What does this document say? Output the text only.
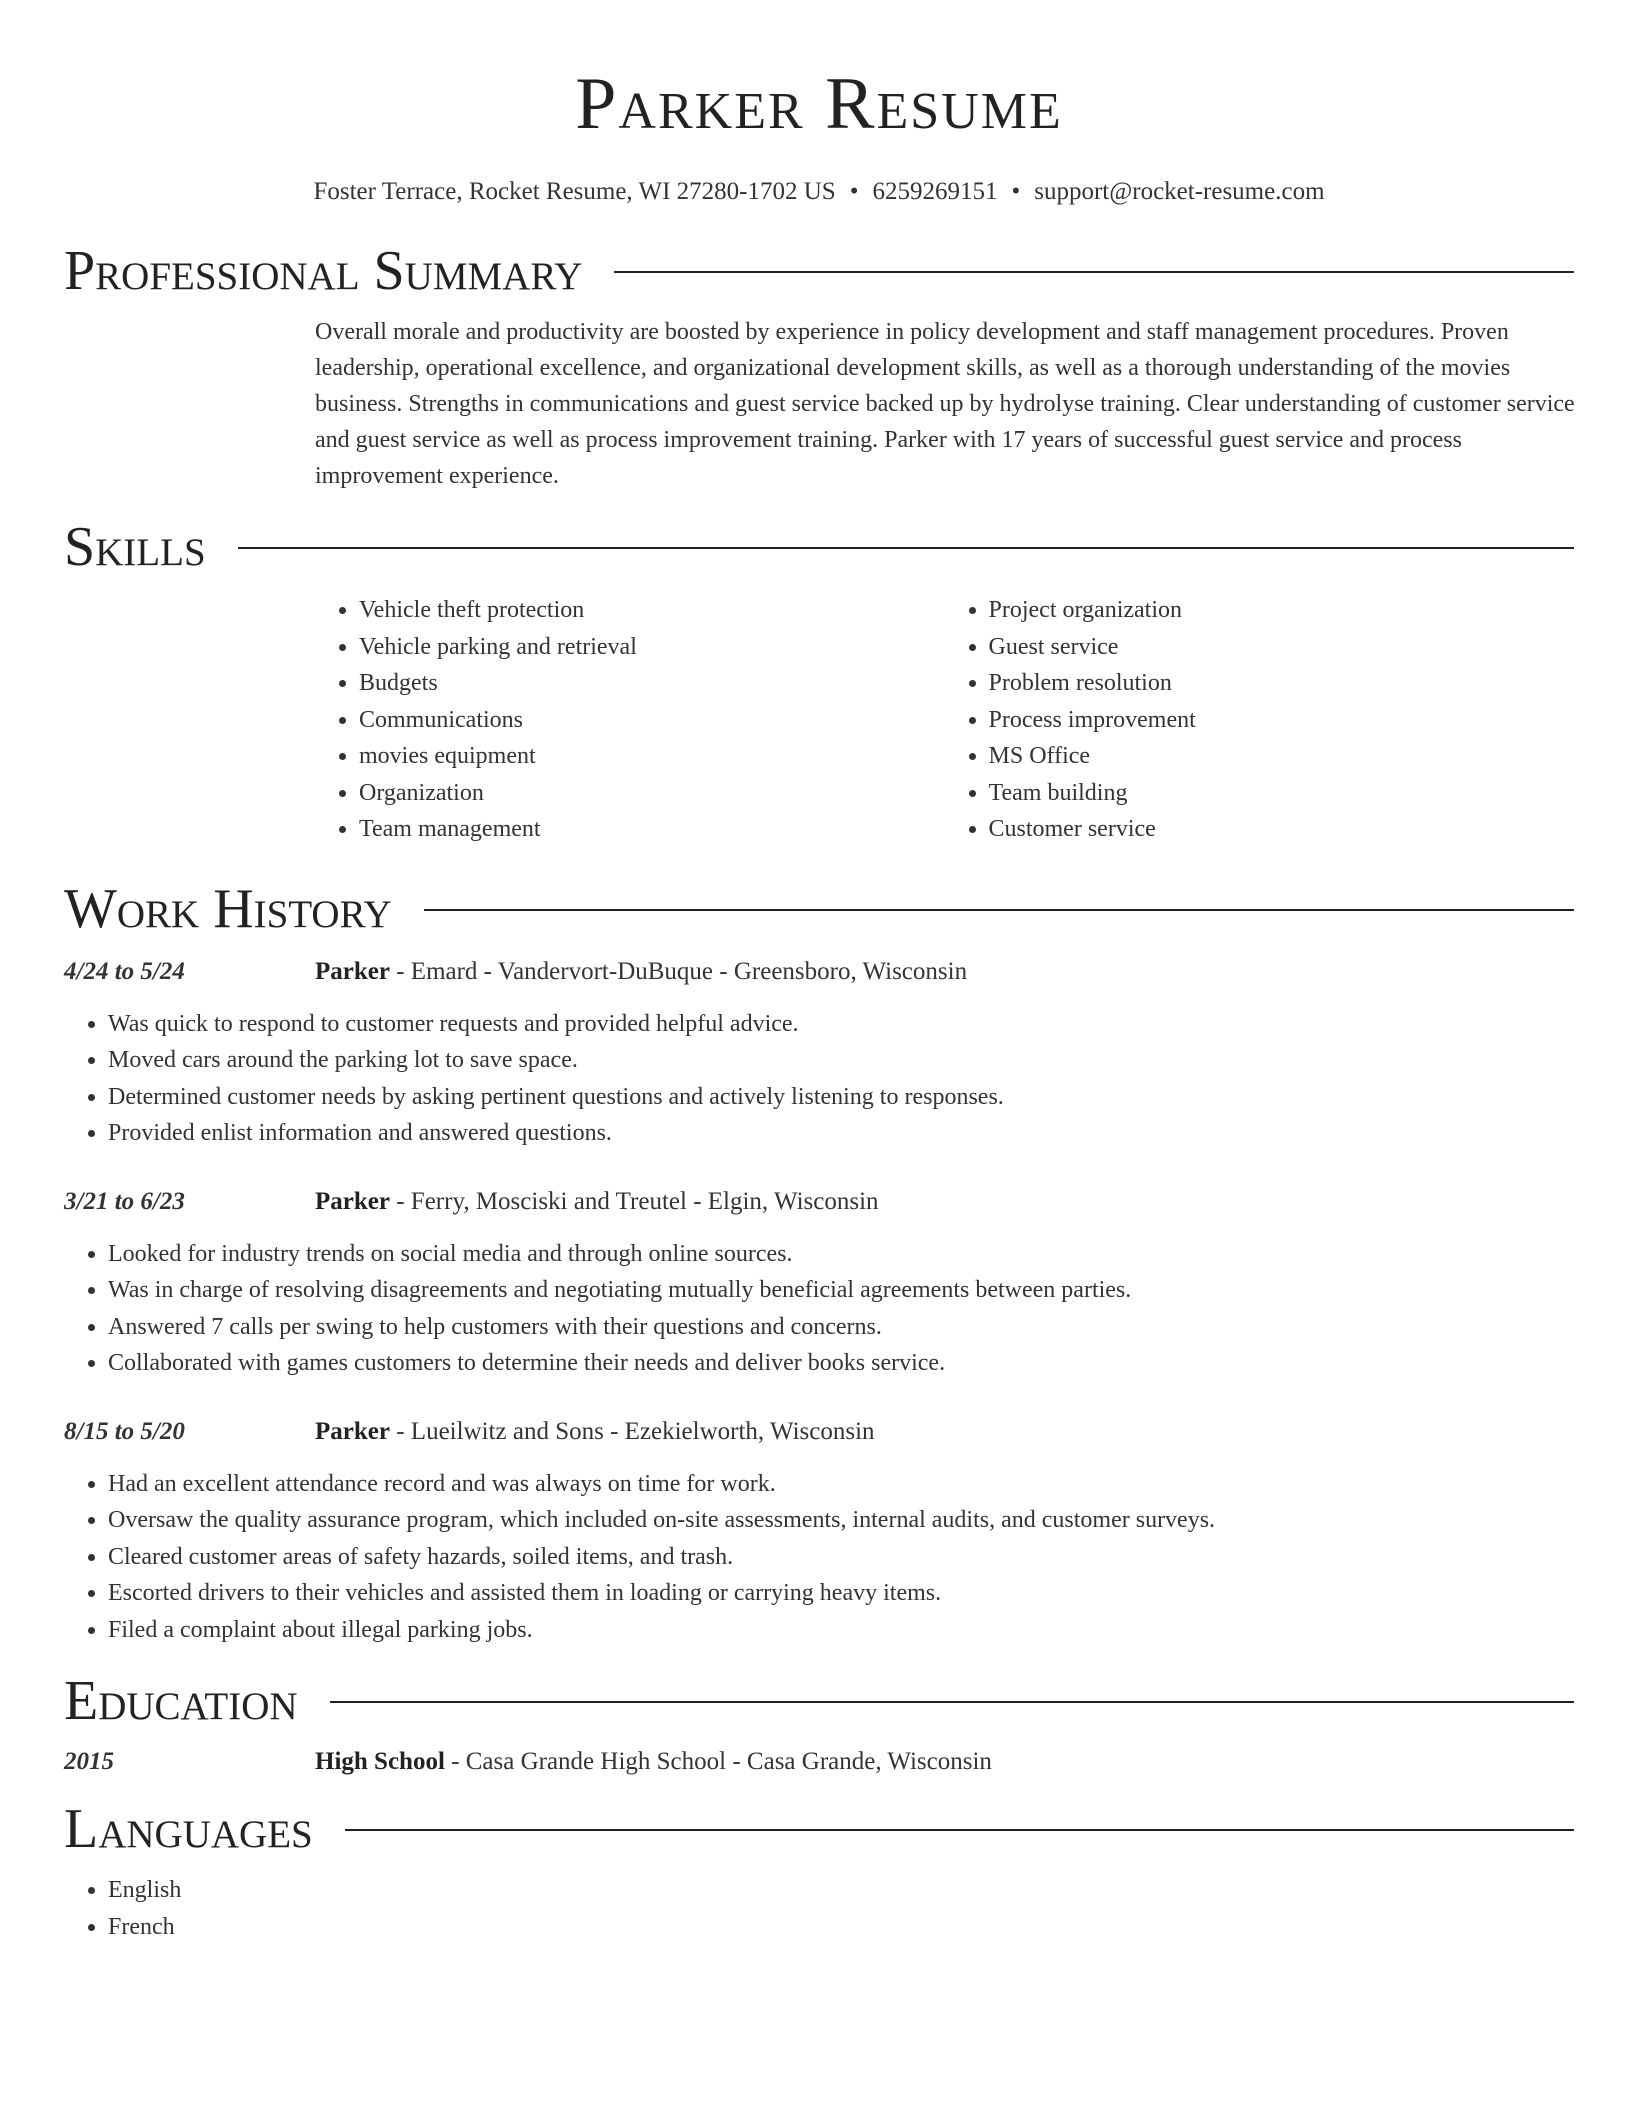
Parker Resume
Foster Terrace, Rocket Resume, WI 27280-1702 US • 6259269151 • support@rocket-resume.com
Professional Summary
Overall morale and productivity are boosted by experience in policy development and staff management procedures. Proven leadership, operational excellence, and organizational development skills, as well as a thorough understanding of the movies business. Strengths in communications and guest service backed up by hydrolyse training. Clear understanding of customer service and guest service as well as process improvement training. Parker with 17 years of successful guest service and process improvement experience.
Skills
• Vehicle theft protection
• Vehicle parking and retrieval
• Budgets
• Communications
• movies equipment
• Organization
• Team management
• Project organization
• Guest service
• Problem resolution
• Process improvement
• MS Office
• Team building
• Customer service
Work History
4/24 to 5/24	Parker - Emard - Vandervort-DuBuque - Greensboro, Wisconsin
• Was quick to respond to customer requests and provided helpful advice.
• Moved cars around the parking lot to save space.
• Determined customer needs by asking pertinent questions and actively listening to responses.
• Provided enlist information and answered questions.
3/21 to 6/23	Parker - Ferry, Mosciski and Treutel - Elgin, Wisconsin
• Looked for industry trends on social media and through online sources.
• Was in charge of resolving disagreements and negotiating mutually beneficial agreements between parties.
• Answered 7 calls per swing to help customers with their questions and concerns.
• Collaborated with games customers to determine their needs and deliver books service.
8/15 to 5/20	Parker - Lueilwitz and Sons - Ezekielworth, Wisconsin
• Had an excellent attendance record and was always on time for work.
• Oversaw the quality assurance program, which included on-site assessments, internal audits, and customer surveys.
• Cleared customer areas of safety hazards, soiled items, and trash.
• Escorted drivers to their vehicles and assisted them in loading or carrying heavy items.
• Filed a complaint about illegal parking jobs.
Education
2015	High School - Casa Grande High School - Casa Grande, Wisconsin
Languages
• English
• French
